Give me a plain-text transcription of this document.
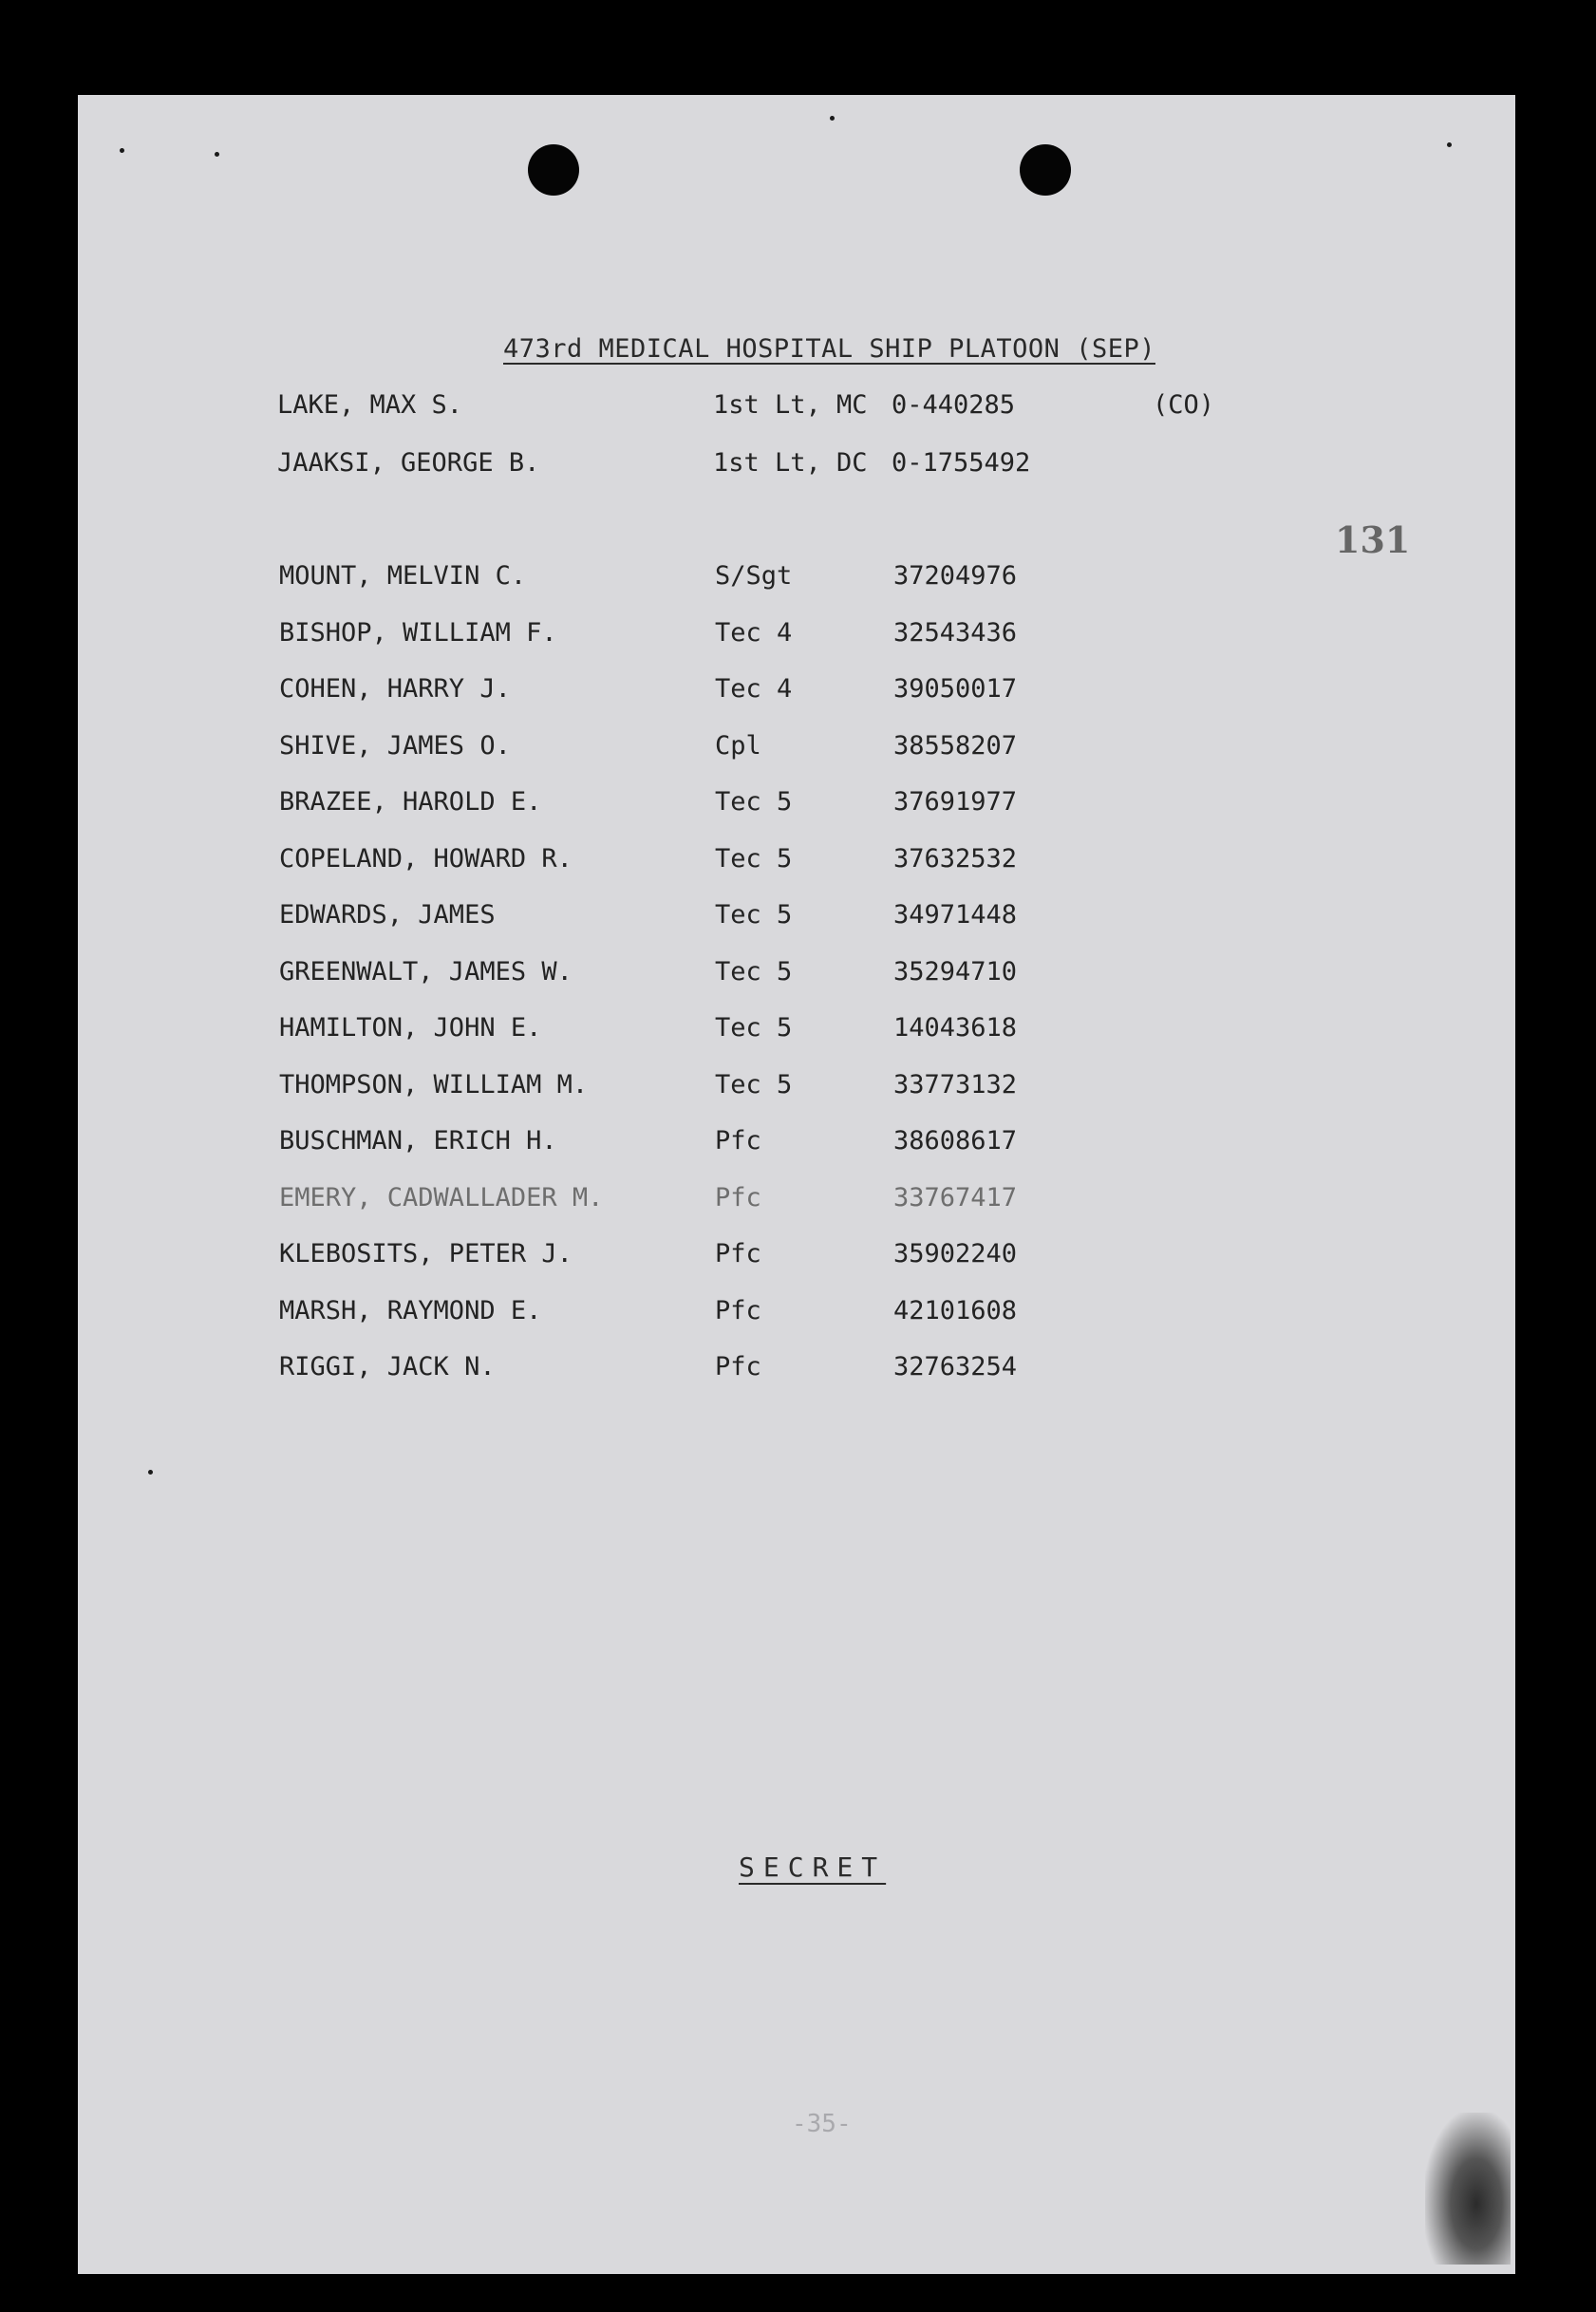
473rd MEDICAL HOSPITAL SHIP PLATOON (SEP)
131
LAKE, MAX S.	1st Lt, MC 0-440285	(CO)
JAAKSI, GEORGE B.	1st Lt, DC 0-1755492
MOUNT, MELVIN C.	S/Sgt	37204976
BISHOP, WILLIAM F.	Tec 4	32543436
COHEN, HARRY J.	Tec 4	39050017
SHIVE, JAMES O.	Cpl	38558207
BRAZEE, HAROLD E.	Tec 5	37691977
COPELAND, HOWARD R.	Tec 5	37632532
EDWARDS, JAMES	Tec 5	34971448
GREENWALT, JAMES W.	Tec 5	35294710
HAMILTON, JOHN E.	Tec 5	14043618
THOMPSON, WILLIAM M.	Tec 5	33773132
BUSCHMAN, ERICH H.	Pfc	38608617
EMERY, CADWALLADER M.	Pfc	33767417
KLEBOSITS, PETER J.	Pfc	35902240
MARSH, RAYMOND E.	Pfc	42101608
RIGGI, JACK N.	Pfc	32763254
SECRET
-35-
